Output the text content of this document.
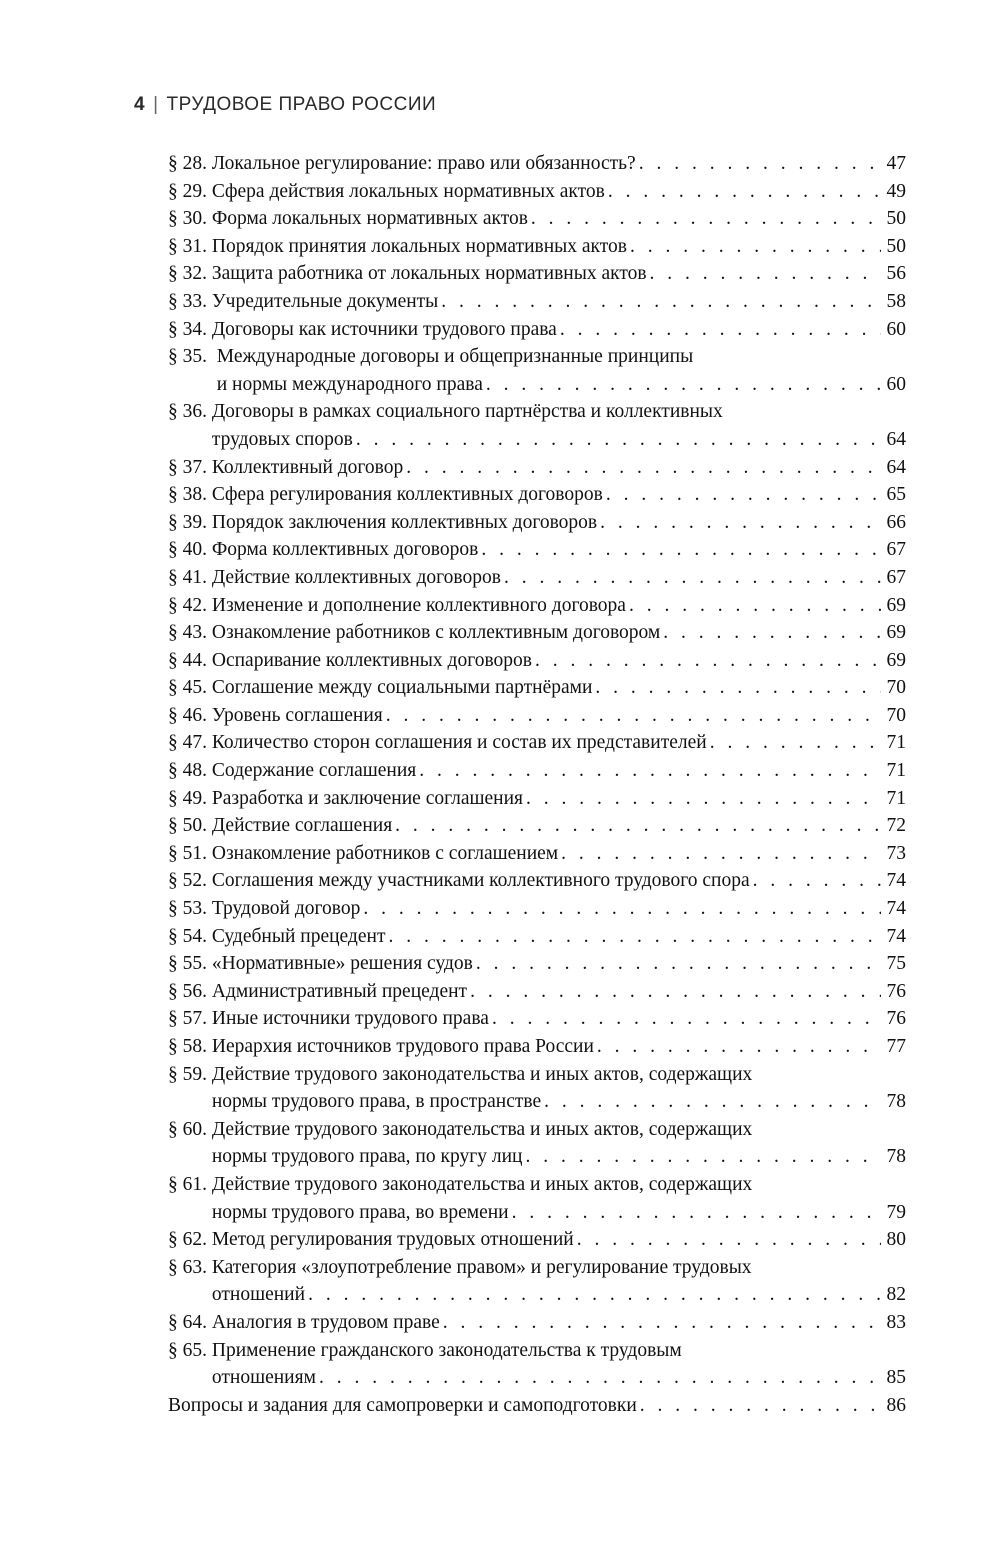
4 | ТРУДОВОЕ ПРАВО РОССИИ
§ 28. Локальное регулирование: право или обязанность? . . .	47
§ 29. Сфера действия локальных нормативных актов . . .	49
§ 30. Форма локальных нормативных актов . . .	50
§ 31. Порядок принятия локальных нормативных актов . . .	50
§ 32. Защита работника от локальных нормативных актов . . .	56
§ 33. Учредительные документы . . .	58
§ 34. Договоры как источники трудового права . . .	60
§ 35. Международные договоры и общепризнанные принципы
и нормы международного права . . .	60
§ 36. Договоры в рамках социального партнёрства и коллективных
трудовых споров . . .	64
§ 37. Коллективный договор . . .	64
§ 38. Сфера регулирования коллективных договоров . . .	65
§ 39. Порядок заключения коллективных договоров . . .	66
§ 40. Форма коллективных договоров . . .	67
§ 41. Действие коллективных договоров . . .	67
§ 42. Изменение и дополнение коллективного договора . . .	69
§ 43. Ознакомление работников с коллективным договором . . .	69
§ 44. Оспаривание коллективных договоров . . .	69
§ 45. Соглашение между социальными партнёрами . . .	70
§ 46. Уровень соглашения . . .	70
§ 47. Количество сторон соглашения и состав их представителей . . .	71
§ 48. Содержание соглашения . . .	71
§ 49. Разработка и заключение соглашения . . .	71
§ 50. Действие соглашения . . .	72
§ 51. Ознакомление работников с соглашением . . .	73
§ 52. Соглашения между участниками коллективного трудового спора . . .	74
§ 53. Трудовой договор . . .	74
§ 54. Судебный прецедент . . .	74
§ 55. «Нормативные» решения судов . . .	75
§ 56. Административный прецедент . . .	76
§ 57. Иные источники трудового права . . .	76
§ 58. Иерархия источников трудового права России . . .	77
§ 59. Действие трудового законодательства и иных актов, содержащих
нормы трудового права, в пространстве . . .	78
§ 60. Действие трудового законодательства и иных актов, содержащих
нормы трудового права, по кругу лиц . . .	78
§ 61. Действие трудового законодательства и иных актов, содержащих
нормы трудового права, во времени . . .	79
§ 62. Метод регулирования трудовых отношений . . .	80
§ 63. Категория «злоупотребление правом» и регулирование трудовых
отношений . . .	82
§ 64. Аналогия в трудовом праве . . .	83
§ 65. Применение гражданского законодательства к трудовым
отношениям . . .	85
Вопросы и задания для самопроверки и самоподготовки . . .	86
